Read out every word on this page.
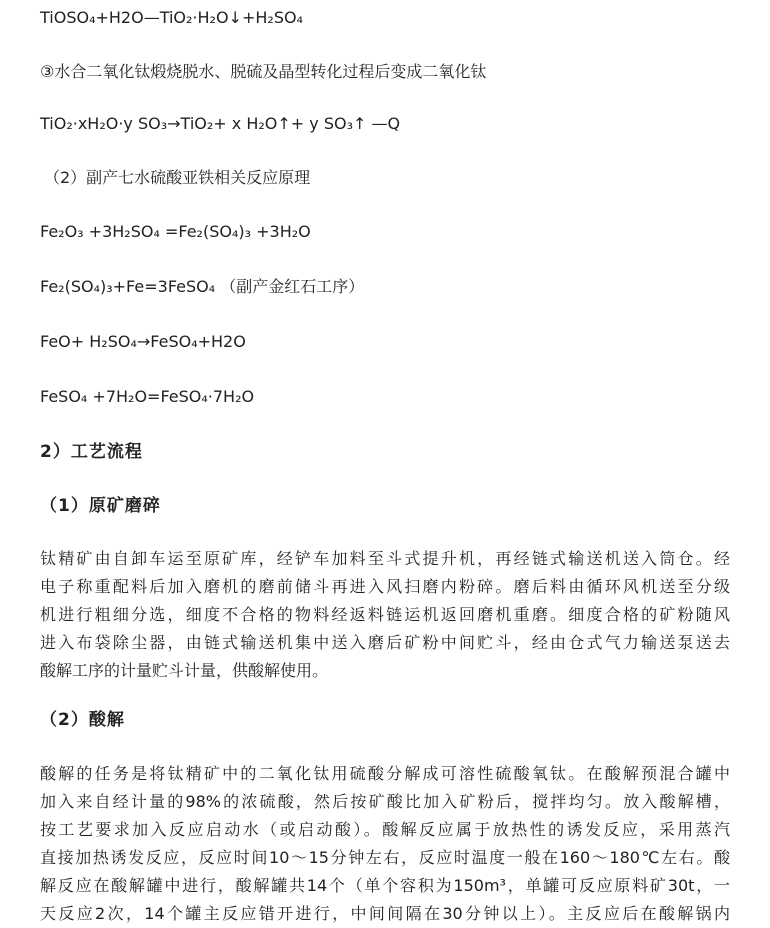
TiOSO₄+H2O—TiO₂·H₂O↓+H₂SO₄
③水合二氧化钛煅烧脱水、脱硫及晶型转化过程后变成二氧化钛
TiO₂·xH₂O·y SO₃→TiO₂+ x H₂O↑+ y SO₃↑ —Q
（2）副产七水硫酸亚铁相关反应原理
Fe₂O₃ +3H₂SO₄ =Fe₂(SO₄)₃ +3H₂O
Fe₂(SO₄)₃+Fe=3FeSO₄ （副产金红石工序）
FeO+ H₂SO₄→FeSO₄+H2O
FeSO₄ +7H₂O=FeSO₄·7H₂O
2）工艺流程
（1）原矿磨碎
钛精矿由自卸车运至原矿库，经铲车加料至斗式提升机，再经链式输送机送入筒仓。经
电子称重配料后加入磨机的磨前储斗再进入风扫磨内粉碎。磨后料由循环风机送至分级
机进行粗细分选，细度不合格的物料经返料链运机返回磨机重磨。细度合格的矿粉随风
进入布袋除尘器，由链式输送机集中送入磨后矿粉中间贮斗，经由仓式气力输送泵送去
酸解工序的计量贮斗计量，供酸解使用。
（2）酸解
酸解的任务是将钛精矿中的二氧化钛用硫酸分解成可溶性硫酸氧钛。在酸解预混合罐中
加入来自经计量的98%的浓硫酸，然后按矿酸比加入矿粉后，搅拌均匀。放入酸解槽，
按工艺要求加入反应启动水（或启动酸）。酸解反应属于放热性的诱发反应，采用蒸汽
直接加热诱发反应，反应时间10～15分钟左右，反应时温度一般在160～180℃左右。酸
解反应在酸解罐中进行，酸解罐共14个（单个容积为150m³，单罐可反应原料矿30t，一
天反应2次，14个罐主反应错开进行，中间间隔在30分钟以上）。主反应后在酸解锅内
